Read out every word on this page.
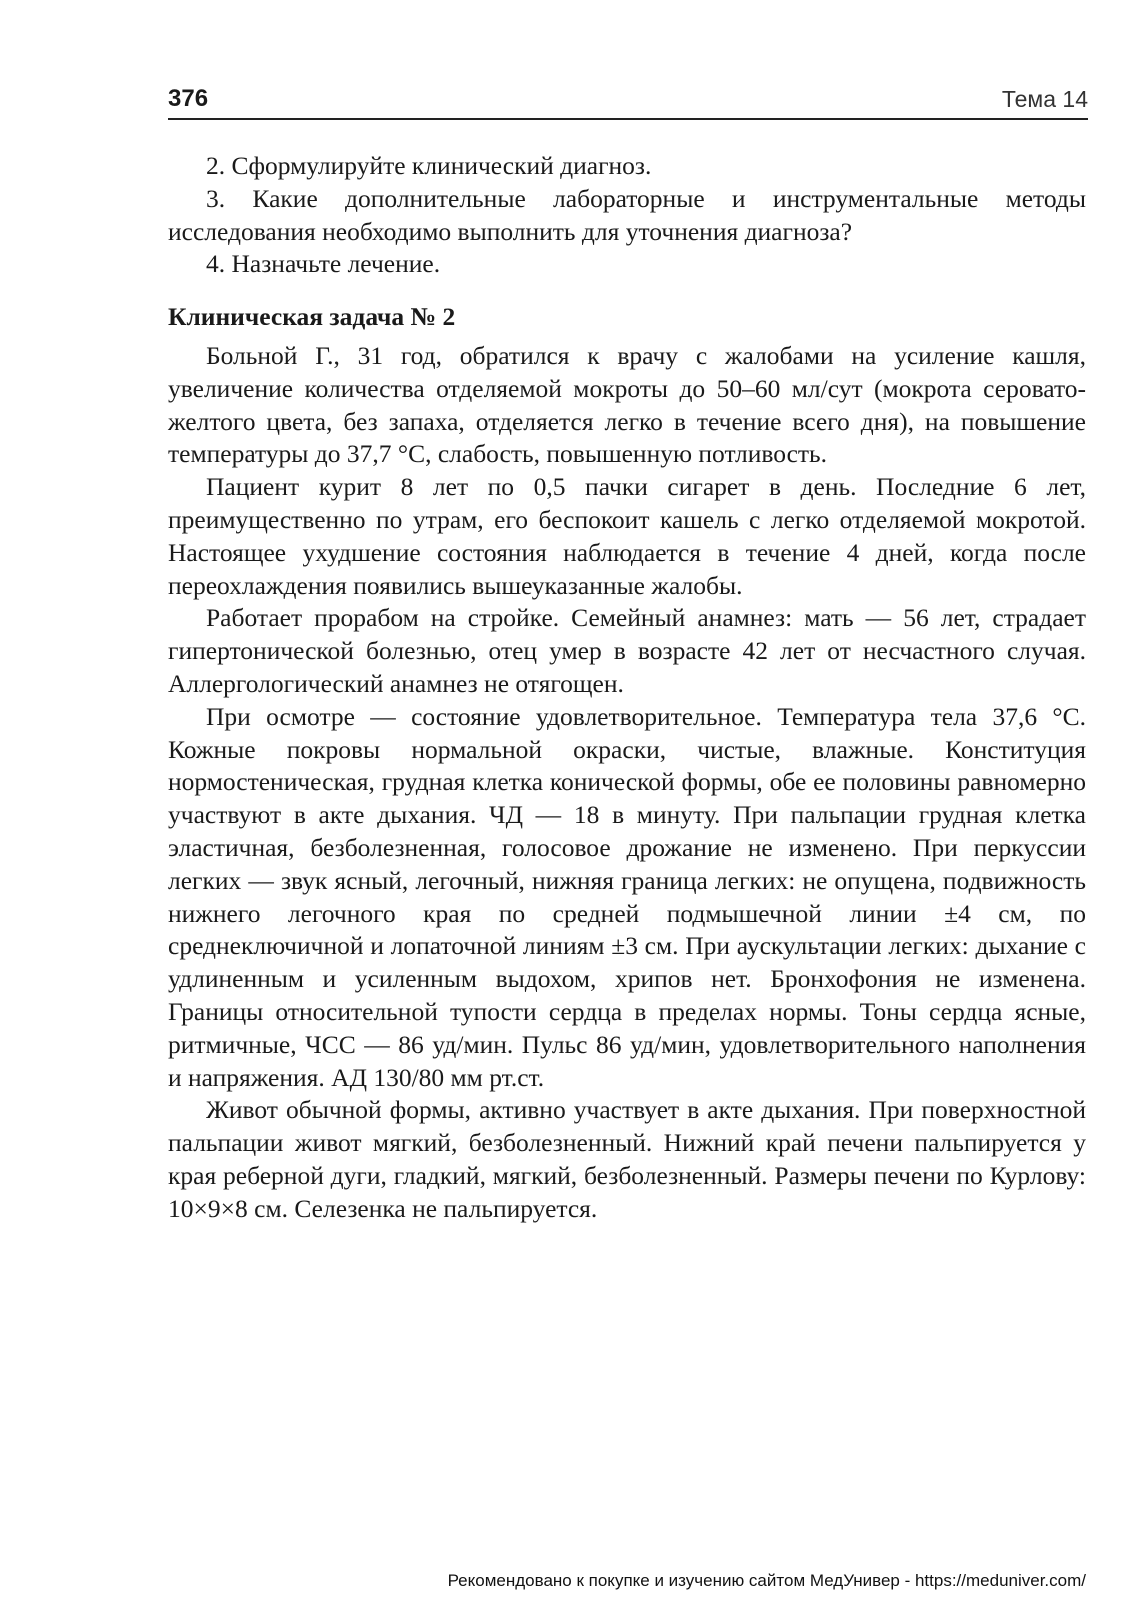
376	Тема 14

2. Сформулируйте клинический диагноз.

3. Какие дополнительные лабораторные и инструментальные методы исследования необходимо выполнить для уточнения диагноза?

4. Назначьте лечение.

Клиническая задача № 2

Больной Г., 31 год, обратился к врачу с жалобами на усиление кашля, увеличение количества отделяемой мокроты до 50–60 мл/сут (мокрота серовато-желтого цвета, без запаха, отделяется легко в течение всего дня), на повышение температуры до 37,7 °С, слабость, повышенную потливость.

Пациент курит 8 лет по 0,5 пачки сигарет в день. Последние 6 лет, преимущественно по утрам, его беспокоит кашель с легко отделяемой мокротой. Настоящее ухудшение состояния наблюдается в течение 4 дней, когда после переохлаждения появились вышеуказанные жалобы.

Работает прорабом на стройке. Семейный анамнез: мать — 56 лет, страдает гипертонической болезнью, отец умер в возрасте 42 лет от несчастного случая. Аллергологический анамнез не отягощен.

При осмотре — состояние удовлетворительное. Температура тела 37,6 °С. Кожные покровы нормальной окраски, чистые, влажные. Конституция нормостеническая, грудная клетка конической формы, обе ее половины равномерно участвуют в акте дыхания. ЧД — 18 в минуту. При пальпации грудная клетка эластичная, безболезненная, голосовое дрожание не изменено. При перкуссии легких — звук ясный, легочный, нижняя граница легких: не опущена, подвижность нижнего легочного края по средней подмышечной линии ±4 см, по среднеключичной и лопаточной линиям ±3 см. При аускультации легких: дыхание с удлиненным и усиленным выдохом, хрипов нет. Бронхофония не изменена. Границы относительной тупости сердца в пределах нормы. Тоны сердца ясные, ритмичные, ЧСС — 86 уд/мин. Пульс 86 уд/мин, удовлетворительного наполнения и напряжения. АД 130/80 мм рт.ст.

Живот обычной формы, активно участвует в акте дыхания. При поверхностной пальпации живот мягкий, безболезненный. Нижний край печени пальпируется у края реберной дуги, гладкий, мягкий, безболезненный. Размеры печени по Курлову: 10×9×8 см. Селезенка не пальпируется.

Рекомендовано к покупке и изучению сайтом МедУнивер - https://meduniver.com/
